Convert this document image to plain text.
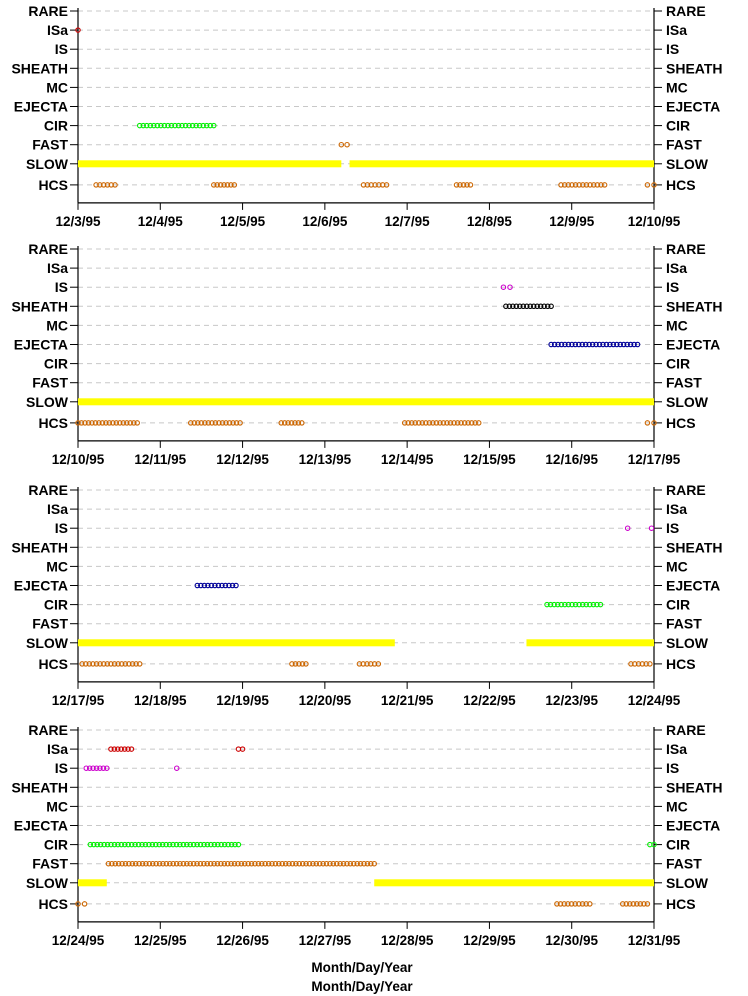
RARE	RARE
ISa	ISa
IS	IS
SHEATH	SHEATH
MC	MC
EJECTA	EJECTA
CIR	CIR
FAST	FAST
SLOW	SLOW
HCS	HCS
12/3/95	12/4/95	12/5/95	12/6/95	12/7/95	12/8/95	12/9/95 12/10/95
RARE	RARE
ISa	ISa
IS	IS
SHEATH	SHEATH
MC	MC
EJECTA	EJECTA
CIR	CIR
FAST	FAST
SLOW	SLOW
HCS	HCS
12/10/95 12/11/95 12/12/95 12/13/95 12/14/95 12/15/95 12/16/95 12/17/95
RARE	RARE
ISa	ISa
IS	IS
SHEATH	SHEATH
MC	MC
EJECTA	EJECTA
CIR	CIR
FAST	FAST
SLOW	SLOW
HCS	HCS
12/17/95 12/18/95 12/19/95 12/20/95 12/21/95 12/22/95 12/23/95 12/24/95
RARE	RARE
ISa	ISa
IS	IS
SHEATH	SHEATH
MC	MC
EJECTA	EJECTA
CIR	CIR
FAST	FAST
SLOW	SLOW
HCS	HCS
12/24/95 12/25/95 12/26/95 12/27/95 12/28/95 12/29/95 12/30/95 12/31/95
Month/Day/Year
Month/Day/Year
